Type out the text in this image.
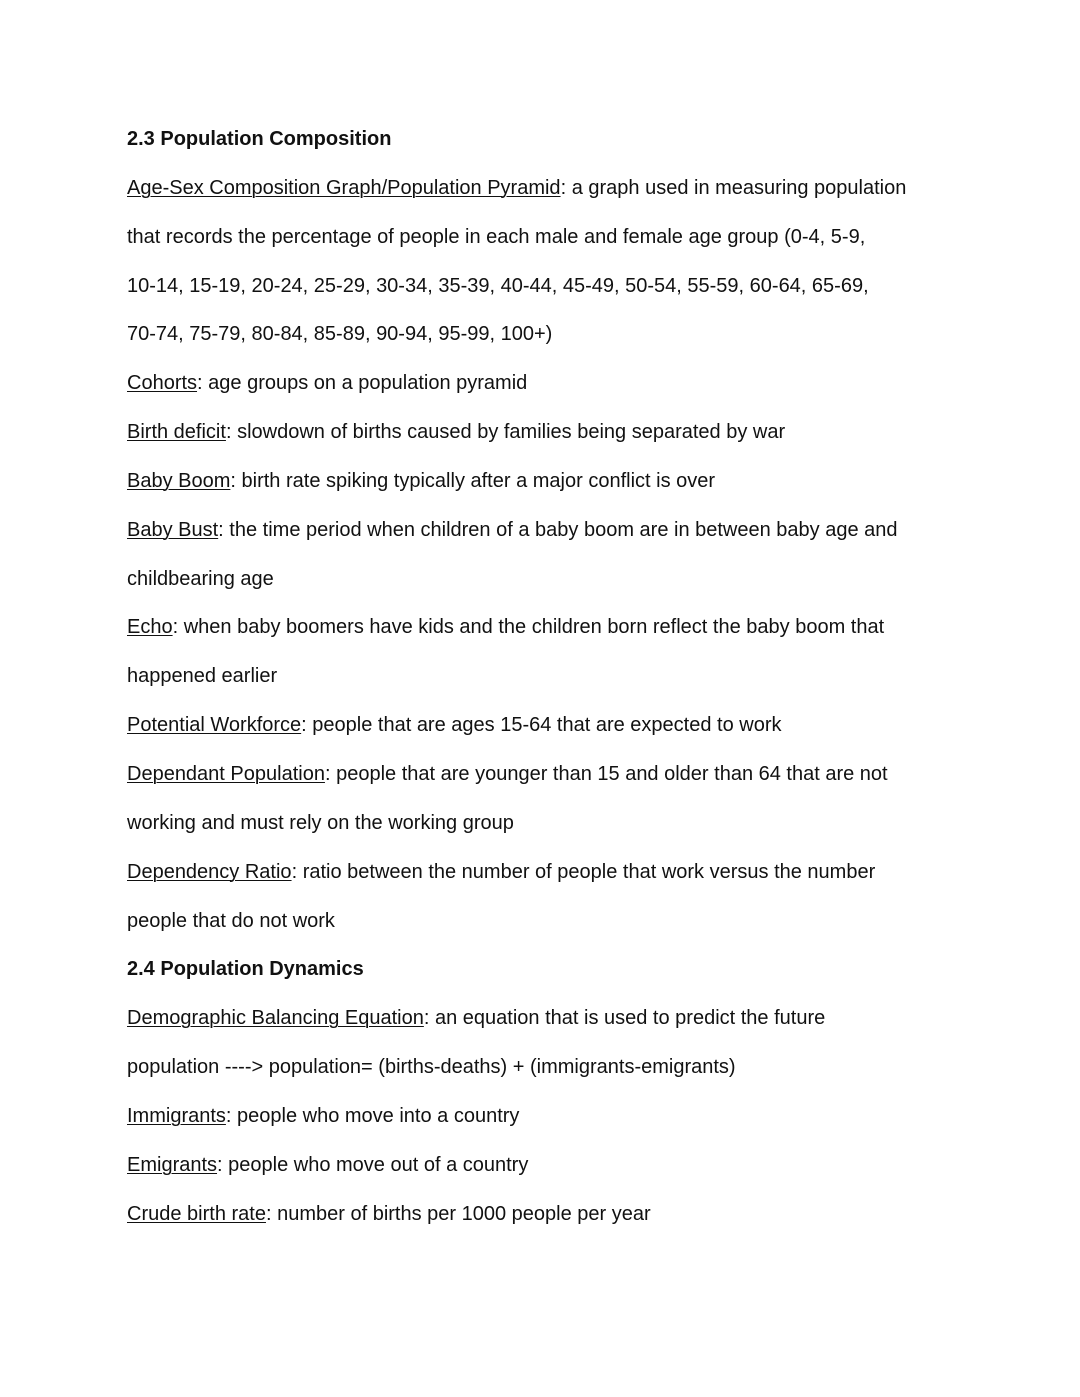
2.3 Population Composition
Age-Sex Composition Graph/Population Pyramid: a graph used in measuring population
that records the percentage of people in each male and female age group (0-4, 5-9,
10-14, 15-19, 20-24, 25-29, 30-34, 35-39, 40-44, 45-49, 50-54, 55-59, 60-64, 65-69,
70-74, 75-79, 80-84, 85-89, 90-94, 95-99, 100+)
Cohorts: age groups on a population pyramid
Birth deficit: slowdown of births caused by families being separated by war
Baby Boom: birth rate spiking typically after a major conflict is over
Baby Bust: the time period when children of a baby boom are in between baby age and
childbearing age
Echo: when baby boomers have kids and the children born reflect the baby boom that
happened earlier
Potential Workforce: people that are ages 15-64 that are expected to work
Dependant Population: people that are younger than 15 and older than 64 that are not
working and must rely on the working group
Dependency Ratio: ratio between the number of people that work versus the number
people that do not work
2.4 Population Dynamics
Demographic Balancing Equation: an equation that is used to predict the future
population ----> population= (births-deaths) + (immigrants-emigrants)
Immigrants: people who move into a country
Emigrants: people who move out of a country
Crude birth rate: number of births per 1000 people per year
